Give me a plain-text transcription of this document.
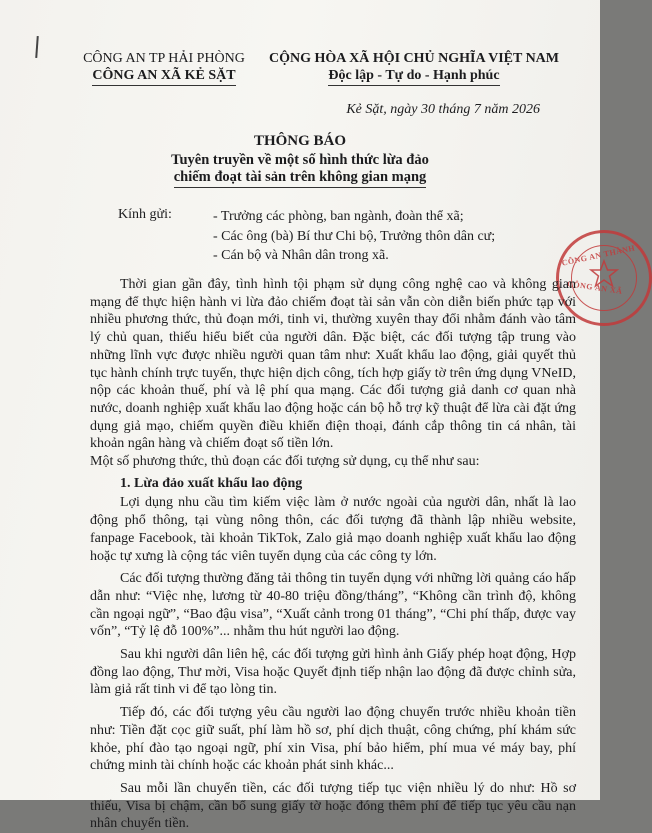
CÔNG AN TP HẢI PHÒNG
CÔNG AN XÃ KẺ SẶT
CỘNG HÒA XÃ HỘI CHỦ NGHĨA VIỆT NAM
Độc lập - Tự do - Hạnh phúc
Kẻ Sặt, ngày 30 tháng 7 năm 2026
THÔNG BÁO
Tuyên truyền về một số hình thức lừa đảo
chiếm đoạt tài sản trên không gian mạng
Kính gửi:	- Trưởng các phòng, ban ngành, đoàn thể xã;
- Các ông (bà) Bí thư Chi bộ, Trưởng thôn dân cư;
- Cán bộ và Nhân dân trong xã.	CÔNG AN THÀNH
CÔNG AN XÃ

Thời gian gần đây, tình hình tội phạm sử dụng công nghệ cao và không gian mạng để thực hiện hành vi lừa đảo chiếm đoạt tài sản vẫn còn diễn biến phức tạp với nhiều phương thức, thủ đoạn mới, tinh vi, thường xuyên thay đổi nhằm đánh vào tâm lý chủ quan, thiếu hiểu biết của người dân. Đặc biệt, các đối tượng tập trung vào những lĩnh vực được nhiều người quan tâm như: Xuất khẩu lao động, giải quyết thủ tục hành chính trực tuyến, thực hiện dịch công, tích hợp giấy tờ trên ứng dụng VNeID, nộp các khoản thuế, phí và lệ phí qua mạng. Các đối tượng giả danh cơ quan nhà nước, doanh nghiệp xuất khẩu lao động hoặc cán bộ hỗ trợ kỹ thuật để lừa cài đặt ứng dụng giả mạo, chiếm quyền điều khiển điện thoại, đánh cắp thông tin cá nhân, tài khoản ngân hàng và chiếm đoạt số tiền lớn.

Một số phương thức, thủ đoạn các đối tượng sử dụng, cụ thể như sau:

1. Lừa đảo xuất khẩu lao động

Lợi dụng nhu cầu tìm kiếm việc làm ở nước ngoài của người dân, nhất là lao động phổ thông, tại vùng nông thôn, các đối tượng đã thành lập nhiều website, fanpage Facebook, tài khoản TikTok, Zalo giả mạo doanh nghiệp xuất khẩu lao động hoặc tự xưng là cộng tác viên tuyển dụng của các công ty lớn.

Các đối tượng thường đăng tải thông tin tuyển dụng với những lời quảng cáo hấp dẫn như: “Việc nhẹ, lương từ 40-80 triệu đồng/tháng”, “Không cần trình độ, không cần ngoại ngữ”, “Bao đậu visa”, “Xuất cảnh trong 01 tháng”, “Chi phí thấp, được vay vốn”, “Tỷ lệ đỗ 100%”... nhằm thu hút người lao động.

Sau khi người dân liên hệ, các đối tượng gửi hình ảnh Giấy phép hoạt động, Hợp đồng lao động, Thư mời, Visa hoặc Quyết định tiếp nhận lao động đã được chỉnh sửa, làm giả rất tinh vi để tạo lòng tin.

Tiếp đó, các đối tượng yêu cầu người lao động chuyển trước nhiều khoản tiền như: Tiền đặt cọc giữ suất, phí làm hồ sơ, phí dịch thuật, công chứng, phí khám sức khỏe, phí đào tạo ngoại ngữ, phí xin Visa, phí bảo hiểm, phí mua vé máy bay, phí chứng minh tài chính hoặc các khoản phát sinh khác...

Sau mỗi lần chuyển tiền, các đối tượng tiếp tục viện nhiều lý do như: Hồ sơ thiếu, Visa bị chậm, cần bổ sung giấy tờ hoặc đóng thêm phí để tiếp tục yêu cầu nạn nhân chuyển tiền.
